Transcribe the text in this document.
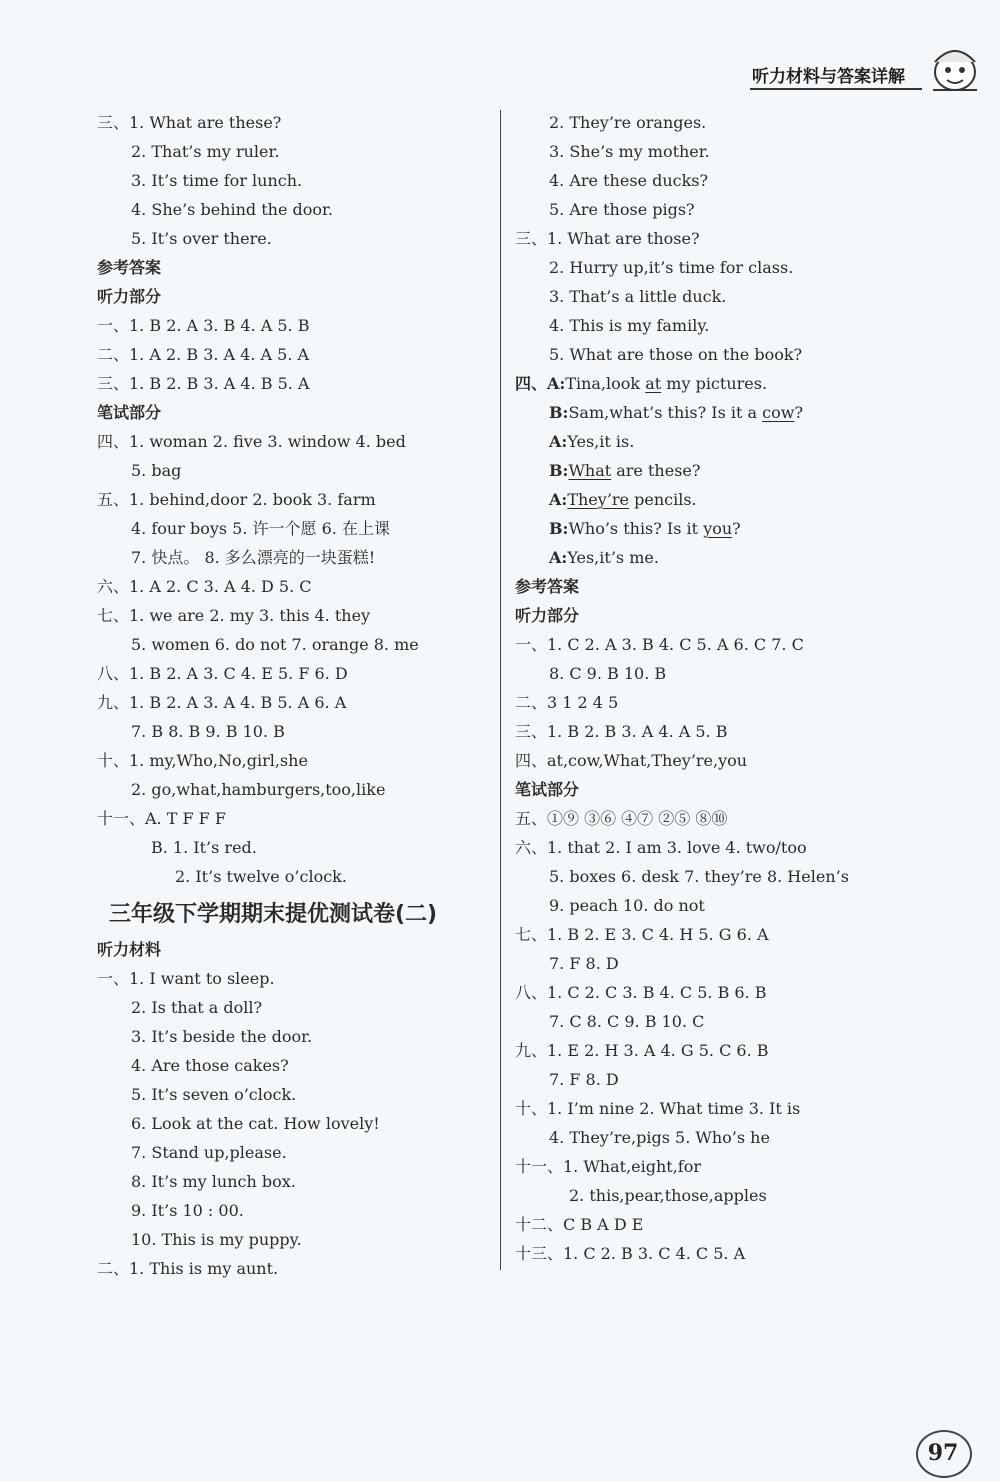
听力材料与答案详解
三、1. What are these?
2. That’s my ruler.
3. It’s time for lunch.
4. She’s behind the door.
5. It’s over there.
参考答案
听力部分
一、1. B 2. A 3. B 4. A 5. B
二、1. A 2. B 3. A 4. A 5. A
三、1. B 2. B 3. A 4. B 5. A
笔试部分
四、1. woman 2. five 3. window 4. bed
5. bag
五、1. behind,door 2. book 3. farm
4. four boys 5. 许一个愿 6. 在上课
7. 快点。 8. 多么漂亮的一块蛋糕!
六、1. A 2. C 3. A 4. D 5. C
七、1. we are 2. my 3. this 4. they
5. women 6. do not 7. orange 8. me
八、1. B 2. A 3. C 4. E 5. F 6. D
九、1. B 2. A 3. A 4. B 5. A 6. A
7. B 8. B 9. B 10. B
十、1. my,Who,No,girl,she
2. go,what,hamburgers,too,like
十一、A. T F F F
B. 1. It’s red.
2. It’s twelve o’clock.
三年级下学期期末提优测试卷(二)
听力材料
一、1. I want to sleep.
2. Is that a doll?
3. It’s beside the door.
4. Are those cakes?
5. It’s seven o’clock.
6. Look at the cat. How lovely!
7. Stand up,please.
8. It’s my lunch box.
9. It’s 10 : 00.
10. This is my puppy.
二、1. This is my aunt.
2. They’re oranges.
3. She’s my mother.
4. Are these ducks?
5. Are those pigs?
三、1. What are those?
2. Hurry up,it’s time for class.
3. That’s a little duck.
4. This is my family.
5. What are those on the book?
四、A:Tina,look at my pictures.
B:Sam,what’s this? Is it a cow?
A:Yes,it is.
B:What are these?
A:They’re pencils.
B:Who’s this? Is it you?
A:Yes,it’s me.
参考答案
听力部分
一、1. C 2. A 3. B 4. C 5. A 6. C 7. C
8. C 9. B 10. B
二、3 1 2 4 5
三、1. B 2. B 3. A 4. A 5. B
四、at,cow,What,They’re,you
笔试部分
五、①⑨ ③⑥ ④⑦ ②⑤ ⑧⑩
六、1. that 2. I am 3. love 4. two/too
5. boxes 6. desk 7. they’re 8. Helen’s
9. peach 10. do not
七、1. B 2. E 3. C 4. H 5. G 6. A
7. F 8. D
八、1. C 2. C 3. B 4. C 5. B 6. B
7. C 8. C 9. B 10. C
九、1. E 2. H 3. A 4. G 5. C 6. B
7. F 8. D
十、1. I’m nine 2. What time 3. It is
4. They’re,pigs 5. Who’s he
十一、1. What,eight,for
2. this,pear,those,apples
十二、C B A D E
十三、1. C 2. B 3. C 4. C 5. A
97
